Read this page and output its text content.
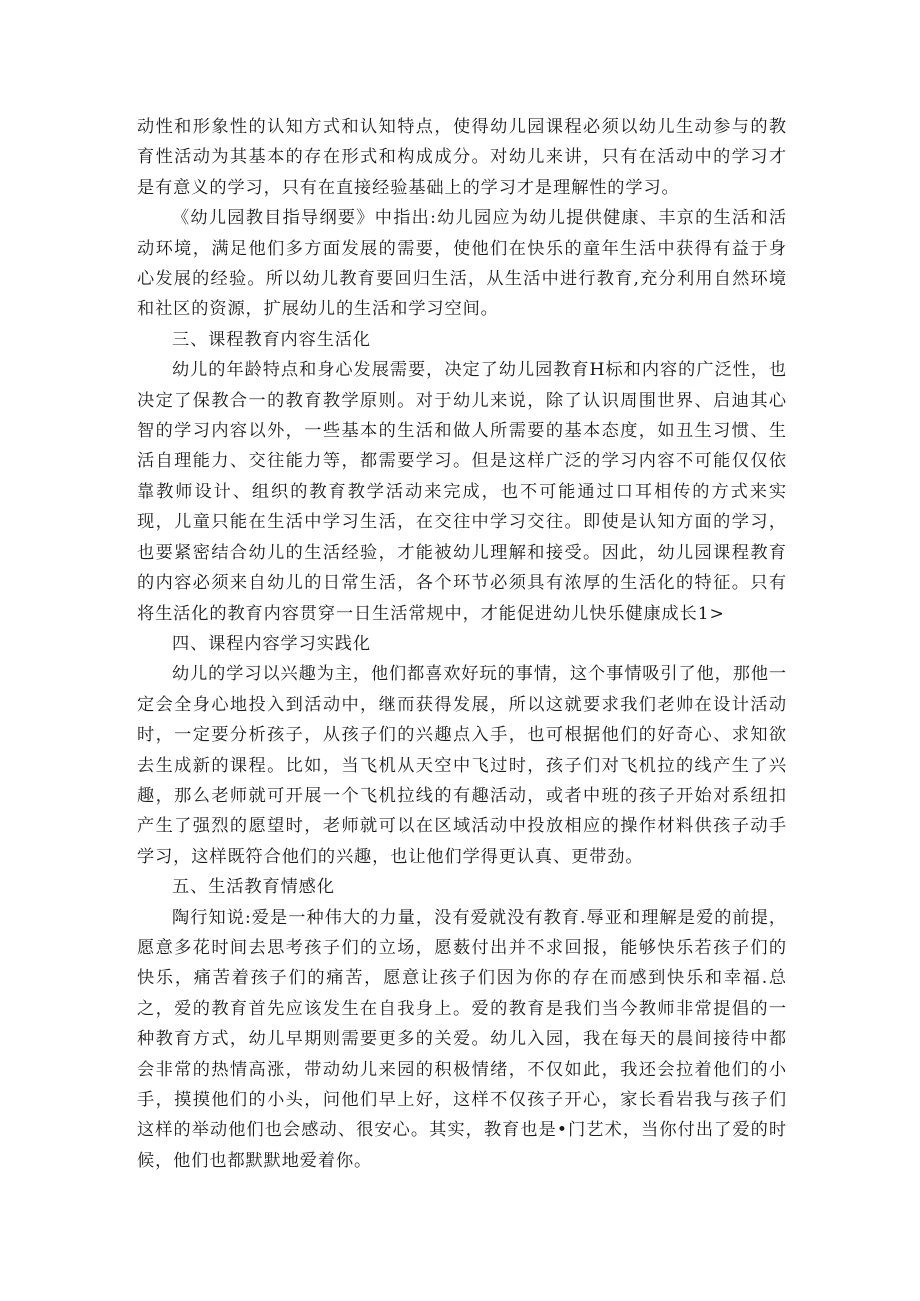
动性和形象性的认知方式和认知特点，使得幼儿园课程必须以幼儿生动参与的教育性活动为其基本的存在形式和构成成分。对幼儿来讲，只有在活动中的学习才是有意义的学习，只有在直接经验基础上的学习才是理解性的学习。

《幼儿园教目指导纲要》中指出:幼儿园应为幼儿提供健康、丰京的生活和活动环境，满足他们多方面发展的需要，使他们在快乐的童年生活中获得有益于身心发展的经验。所以幼儿教育要回归生活，从生活中进行教育,充分利用自然环境和社区的资源，扩展幼儿的生活和学习空间。

三、课程教育内容生活化

幼儿的年龄特点和身心发展需要，决定了幼儿园教育H标和内容的广泛性，也决定了保教合一的教育教学原则。对于幼儿来说，除了认识周围世界、启迪其心智的学习内容以外，一些基本的生活和做人所需要的基本态度，如丑生习惯、生活自理能力、交往能力等，都需要学习。但是这样广泛的学习内容不可能仅仅依靠教师设计、组织的教育教学活动来完成，也不可能通过口耳相传的方式来实现，儿童只能在生活中学习生活，在交往中学习交往。即使是认知方面的学习，也要紧密结合幼儿的生活经验，才能被幼儿理解和接受。因此，幼儿园课程教育的内容必须来自幼儿的日常生活，各个环节必须具有浓厚的生活化的特征。只有将生活化的教育内容贯穿一日生活常规中，才能促进幼儿快乐健康成长1>

四、课程内容学习实践化

幼儿的学习以兴趣为主，他们都喜欢好玩的事情，这个事情吸引了他，那他一定会全身心地投入到活动中，继而获得发展，所以这就要求我们老帅在设计活动时，一定要分析孩子，从孩子们的兴趣点入手，也可根据他们的好奇心、求知欲去生成新的课程。比如，当飞机从天空中飞过时，孩子们对飞机拉的线产生了兴趣，那么老师就可开展一个飞机拉线的有趣活动，或者中班的孩子开始对系纽扣产生了强烈的愿望时，老师就可以在区域活动中投放相应的操作材料供孩子动手学习，这样既符合他们的兴趣，也让他们学得更认真、更带劲。

五、生活教育情感化

陶行知说:爱是一种伟大的力量，没有爱就没有教育.辱亚和理解是爱的前提，愿意多花时间去思考孩子们的立场，愿薮付出并不求回报，能够快乐若孩子们的快乐，痛苦着孩子们的痛苦，愿意让孩子们因为你的存在而感到快乐和幸福.总之，爱的教育首先应该发生在自我身上。爱的教育是我们当今教师非常提倡的一种教育方式，幼儿早期则需要更多的关爱。幼儿入园，我在每天的晨间接待中都会非常的热情高涨，带动幼儿来园的积极情绪，不仅如此，我还会拉着他们的小手，摸摸他们的小头，问他们早上好，这样不仅孩子开心，家长看岩我与孩子们这样的举动他们也会感动、很安心。其实，教育也是•门艺术，当你付出了爱的时候，他们也都默默地爱着你。
